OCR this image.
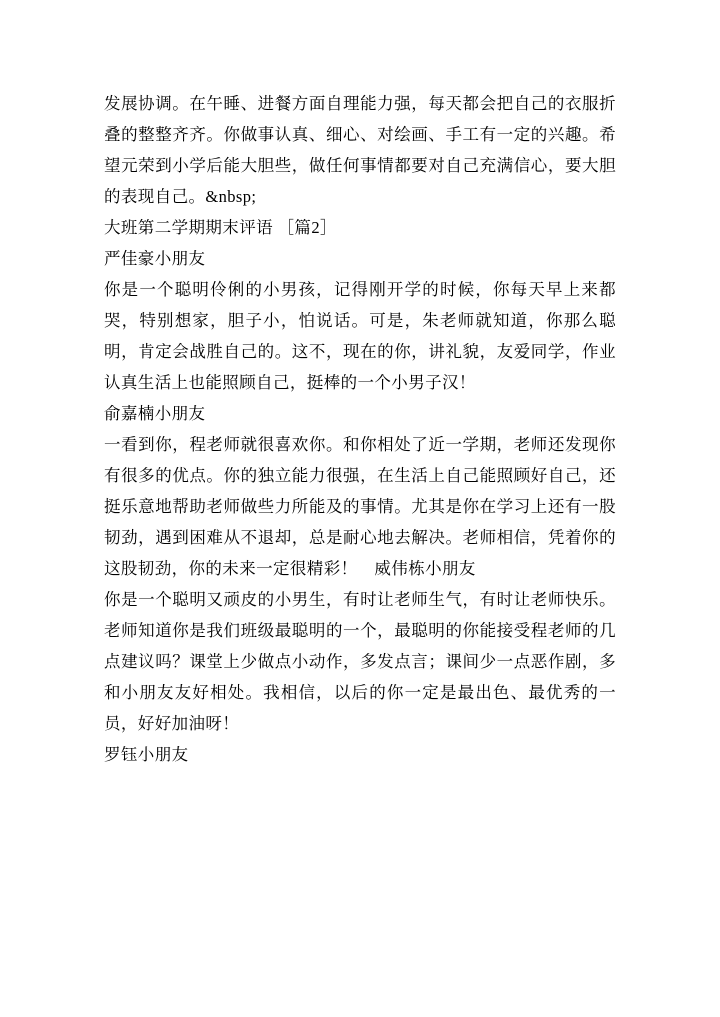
发展协调。在午睡、进餐方面自理能力强，每天都会把自己的衣服折叠的整整齐齐。你做事认真、细心、对绘画、手工有一定的兴趣。希望元荣到小学后能大胆些，做任何事情都要对自己充满信心，要大胆的表现自己。&nbsp;

大班第二学期期末评语 ［篇2］

严佳豪小朋友

你是一个聪明伶俐的小男孩，记得刚开学的时候，你每天早上来都哭，特别想家，胆子小，怕说话。可是，朱老师就知道，你那么聪明，肯定会战胜自己的。这不，现在的你，讲礼貌，友爱同学，作业认真生活上也能照顾自己，挺棒的一个小男子汉！

俞嘉楠小朋友

一看到你，程老师就很喜欢你。和你相处了近一学期，老师还发现你有很多的优点。你的独立能力很强，在生活上自己能照顾好自己，还挺乐意地帮助老师做些力所能及的事情。尤其是你在学习上还有一股韧劲，遇到困难从不退却，总是耐心地去解决。老师相信，凭着你的这股韧劲，你的未来一定很精彩！　威伟栋小朋友

你是一个聪明又顽皮的小男生，有时让老师生气，有时让老师快乐。老师知道你是我们班级最聪明的一个，最聪明的你能接受程老师的几点建议吗？课堂上少做点小动作，多发点言；课间少一点恶作剧，多和小朋友友好相处。我相信，以后的你一定是最出色、最优秀的一员，好好加油呀！

罗钰小朋友
